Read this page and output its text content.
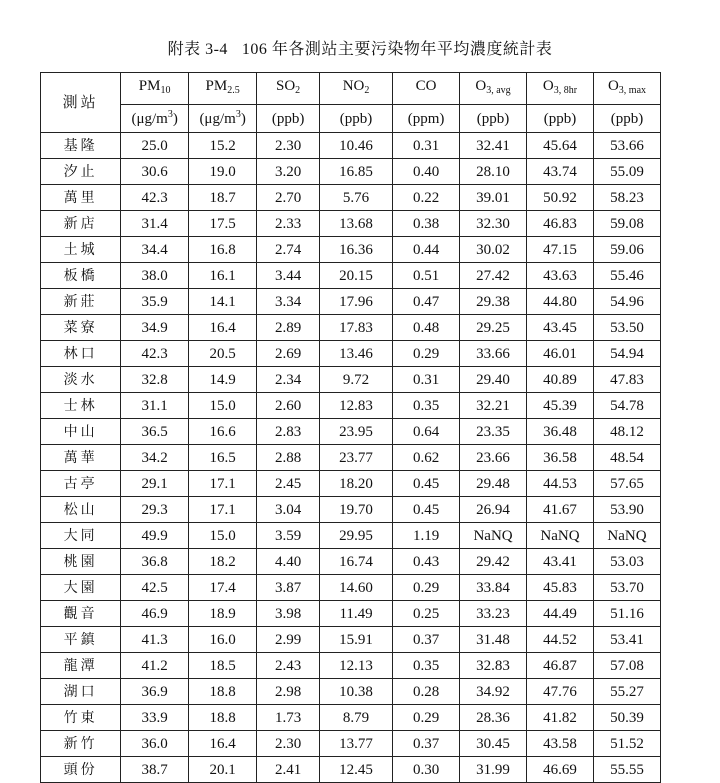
附表 3-4 106 年各測站主要污染物年平均濃度統計表
測站	$PM_{10}$	$PM_{2.5}$	$SO_2$	$NO_2$	CO	$O_{3, avg}$	$O_{3, 8hr}$	$O_{3, max}$
	$(\mu g/m^3)$	$(\mu g/m^3)$	(ppb)	(ppb)	(ppm)	(ppb)	(ppb)	(ppb)
基隆	25.0	15.2	2.30	10.46	0.31	32.41	45.64	53.66
汐止	30.6	19.0	3.20	16.85	0.40	28.10	43.74	55.09
萬里	42.3	18.7	2.70	5.76	0.22	39.01	50.92	58.23
新店	31.4	17.5	2.33	13.68	0.38	32.30	46.83	59.08
土城	34.4	16.8	2.74	16.36	0.44	30.02	47.15	59.06
板橋	38.0	16.1	3.44	20.15	0.51	27.42	43.63	55.46
新莊	35.9	14.1	3.34	17.96	0.47	29.38	44.80	54.96
菜寮	34.9	16.4	2.89	17.83	0.48	29.25	43.45	53.50
林口	42.3	20.5	2.69	13.46	0.29	33.66	46.01	54.94
淡水	32.8	14.9	2.34	9.72	0.31	29.40	40.89	47.83
士林	31.1	15.0	2.60	12.83	0.35	32.21	45.39	54.78
中山	36.5	16.6	2.83	23.95	0.64	23.35	36.48	48.12
萬華	34.2	16.5	2.88	23.77	0.62	23.66	36.58	48.54
古亭	29.1	17.1	2.45	18.20	0.45	29.48	44.53	57.65
松山	29.3	17.1	3.04	19.70	0.45	26.94	41.67	53.90
大同	49.9	15.0	3.59	29.95	1.19	NaNQ	NaNQ	NaNQ
桃園	36.8	18.2	4.40	16.74	0.43	29.42	43.41	53.03
大園	42.5	17.4	3.87	14.60	0.29	33.84	45.83	53.70
觀音	46.9	18.9	3.98	11.49	0.25	33.23	44.49	51.16
平鎮	41.3	16.0	2.99	15.91	0.37	31.48	44.52	53.41
龍潭	41.2	18.5	2.43	12.13	0.35	32.83	46.87	57.08
湖口	36.9	18.8	2.98	10.38	0.28	34.92	47.76	55.27
竹東	33.9	18.8	1.73	8.79	0.29	28.36	41.82	50.39
新竹	36.0	16.4	2.30	13.77	0.37	30.45	43.58	51.52
頭份	38.7	20.1	2.41	12.45	0.30	31.99	46.69	55.55
